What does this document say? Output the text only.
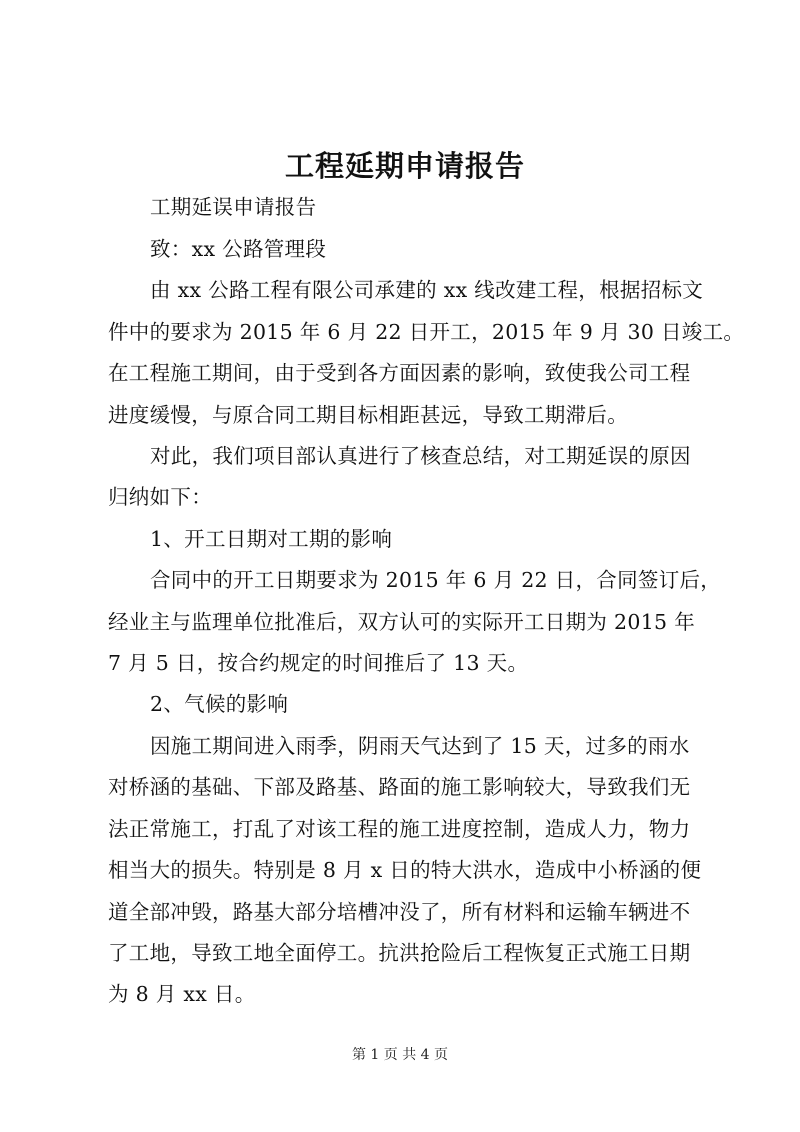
工程延期申请报告
工期延误申请报告
致：xx 公路管理段
由 xx 公路工程有限公司承建的 xx 线改建工程，根据招标文
件中的要求为 2015 年 6 月 22 日开工，2015 年 9 月 30 日竣工。
在工程施工期间，由于受到各方面因素的影响，致使我公司工程
进度缓慢，与原合同工期目标相距甚远，导致工期滞后。
对此，我们项目部认真进行了核查总结，对工期延误的原因
归纳如下：
1、开工日期对工期的影响
合同中的开工日期要求为 2015 年 6 月 22 日，合同签订后，
经业主与监理单位批准后，双方认可的实际开工日期为 2015 年
7 月 5 日，按合约规定的时间推后了 13 天。
2、气候的影响
因施工期间进入雨季，阴雨天气达到了 15 天，过多的雨水
对桥涵的基础、下部及路基、路面的施工影响较大，导致我们无
法正常施工，打乱了对该工程的施工进度控制，造成人力，物力
相当大的损失。特别是 8 月 x 日的特大洪水，造成中小桥涵的便
道全部冲毁，路基大部分培槽冲没了，所有材料和运输车辆进不
了工地，导致工地全面停工。抗洪抢险后工程恢复正式施工日期
为 8 月 xx 日。
第 1 页 共 4 页
